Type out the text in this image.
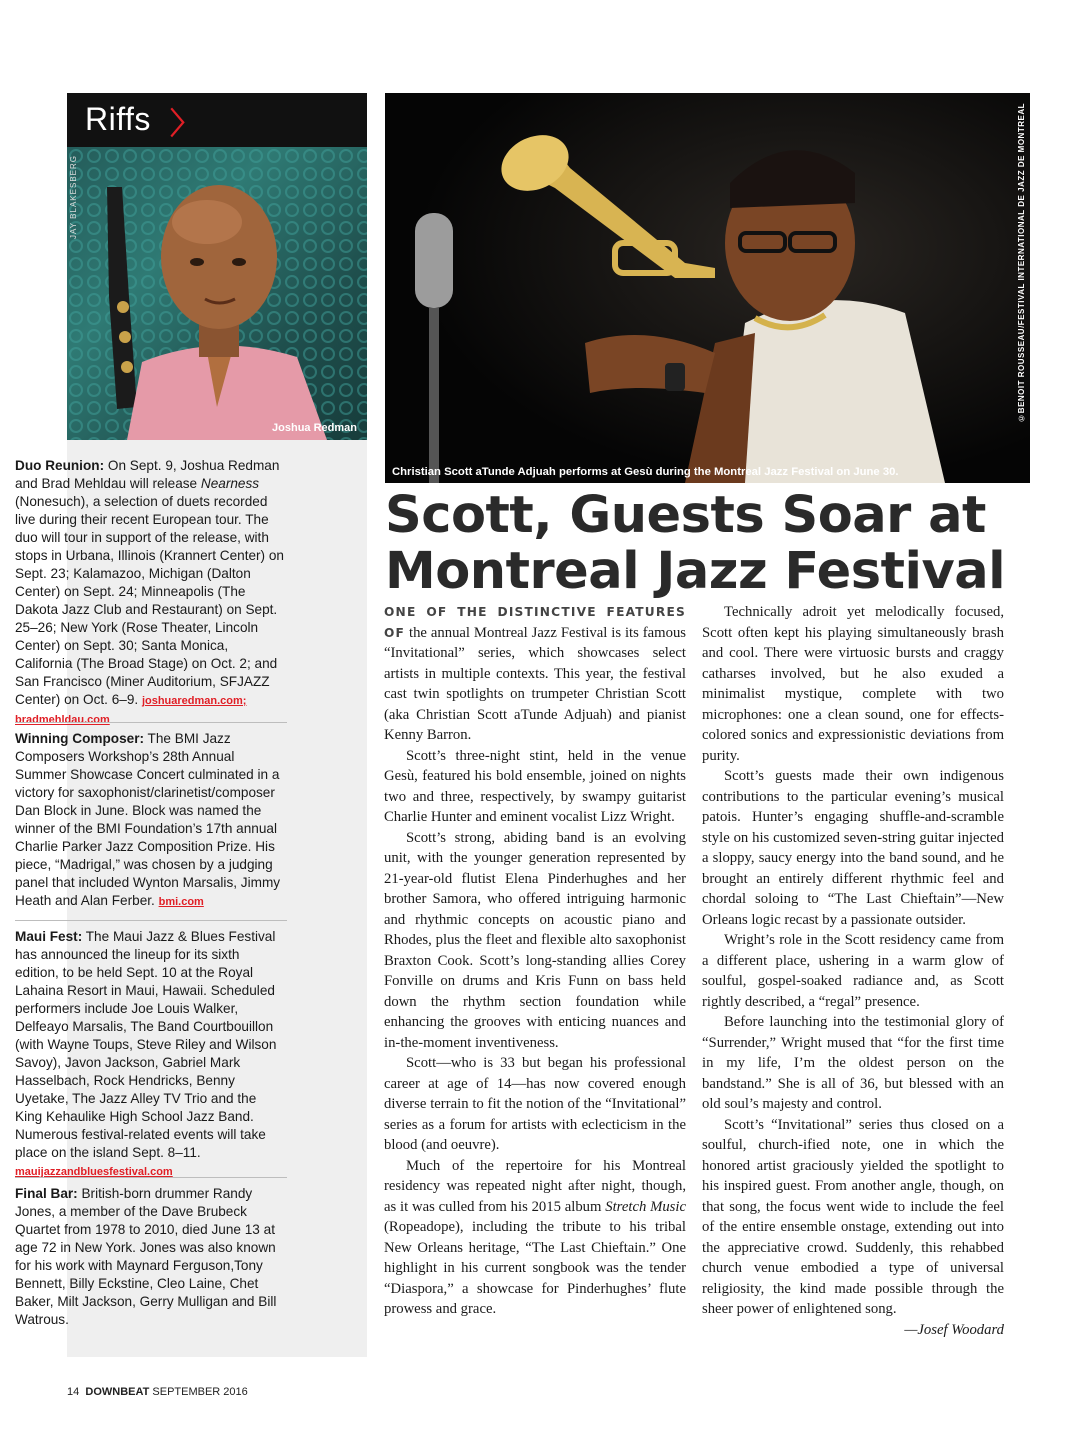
Riffs 〉
JAY BLAKESBERG
Joshua Redman
Duo Reunion: On Sept. 9, Joshua Redman and Brad Mehldau will release Nearness (Nonesuch), a selection of duets recorded live during their recent European tour. The duo will tour in support of the release, with stops in Urbana, Illinois (Krannert Center) on Sept. 23; Kalamazoo, Michigan (Dalton Center) on Sept. 24; Minneapolis (The Dakota Jazz Club and Restaurant) on Sept. 25–26; New York (Rose Theater, Lincoln Center) on Sept. 30; Santa Monica, California (The Broad Stage) on Oct. 2; and San Francisco (Miner Auditorium, SFJAZZ Center) on Oct. 6–9. joshuaredman.com; bradmehldau.com
Winning Composer: The BMI Jazz Composers Workshop’s 28th Annual Summer Showcase Concert culminated in a victory for saxophonist/clarinetist/composer Dan Block in June. Block was named the winner of the BMI Foundation’s 17th annual Charlie Parker Jazz Composition Prize. His piece, “Madrigal,” was chosen by a judging panel that included Wynton Marsalis, Jimmy Heath and Alan Ferber. bmi.com
Maui Fest: The Maui Jazz & Blues Festival has announced the lineup for its sixth edition, to be held Sept. 10 at the Royal Lahaina Resort in Maui, Hawaii. Scheduled performers include Joe Louis Walker, Delfeayo Marsalis, The Band Courtbouillon (with Wayne Toups, Steve Riley and Wilson Savoy), Javon Jackson, Gabriel Mark Hasselbach, Rock Hendricks, Benny Uyetake, The Jazz Alley TV Trio and the King Kehaulike High School Jazz Band. Numerous festival-related events will take place on the island Sept. 8–11. mauijazzandbluesfestival.com
Final Bar: British-born drummer Randy Jones, a member of the Dave Brubeck Quartet from 1978 to 2010, died June 13 at age 72 in New York. Jones was also known for his work with Maynard Ferguson,Tony Bennett, Billy Eckstine, Cleo Laine, Chet Baker, Milt Jackson, Gerry Mulligan and Bill Watrous.
©BENOIT ROUSSEAU/FESTIVAL INTERNATIONAL DE JAZZ DE MONTREAL
Christian Scott aTunde Adjuah performs at Gesù during the Montreal Jazz Festival on June 30.
Scott, Guests Soar at
Montreal Jazz Festival

ONE OF THE DISTINCTIVE FEATURES OF the annual Montreal Jazz Festival is its famous “Invitational” series, which showcases select artists in multiple contexts. This year, the festival cast twin spotlights on trumpeter Christian Scott (aka Christian Scott aTunde Adjuah) and pianist Kenny Barron.

Scott’s three-night stint, held in the venue Gesù, featured his bold ensemble, joined on nights two and three, respectively, by swampy guitarist Charlie Hunter and eminent vocalist Lizz Wright.

Scott’s strong, abiding band is an evolving unit, with the younger generation represented by 21-year-old flutist Elena Pinderhughes and her brother Samora, who offered intriguing harmonic and rhythmic concepts on acoustic piano and Rhodes, plus the fleet and flexible alto saxophonist Braxton Cook. Scott’s long-standing allies Corey Fonville on drums and Kris Funn on bass held down the rhythm section foundation while enhancing the grooves with enticing nuances and in-the-moment inventiveness.

Scott—who is 33 but began his professional career at age of 14—has now covered enough diverse terrain to fit the notion of the “Invitational” series as a forum for artists with eclecticism in the blood (and oeuvre).

Much of the repertoire for his Montreal residency was repeated night after night, though, as it was culled from his 2015 album Stretch Music (Ropeadope), including the tribute to his tribal New Orleans heritage, “The Last Chieftain.” One highlight in his current songbook was the tender “Diaspora,” a showcase for Pinderhughes’ flute prowess and grace.

Technically adroit yet melodically focused, Scott often kept his playing simultaneously brash and cool. There were virtuosic bursts and craggy catharses involved, but he also exuded a minimalist mystique, complete with two microphones: one a clean sound, one for effects-colored sonics and expressionistic deviations from purity.

Scott’s guests made their own indigenous contributions to the particular evening’s musical patois. Hunter’s engaging shuffle-and-scramble style on his customized seven-string guitar injected a sloppy, saucy energy into the band sound, and he brought an entirely different rhythmic feel and chordal soloing to “The Last Chieftain”—New Orleans logic recast by a passionate outsider.

Wright’s role in the Scott residency came from a different place, ushering in a warm glow of soulful, gospel-soaked radiance and, as Scott rightly described, a “regal” presence.

Before launching into the testimonial glory of “Surrender,” Wright mused that “for the first time in my life, I’m the oldest person on the bandstand.” She is all of 36, but blessed with an old soul’s majesty and control.

Scott’s “Invitational” series thus closed on a soulful, church-ified note, one in which the honored artist graciously yielded the spotlight to his inspired guest. From another angle, though, on that song, the focus went wide to include the feel of the entire ensemble onstage, extending out into the appreciative crowd. Suddenly, this rehabbed church venue embodied a type of universal religiosity, the kind made possible through the sheer power of enlightened song.
—Josef Woodard

14 DOWNBEAT SEPTEMBER 2016
